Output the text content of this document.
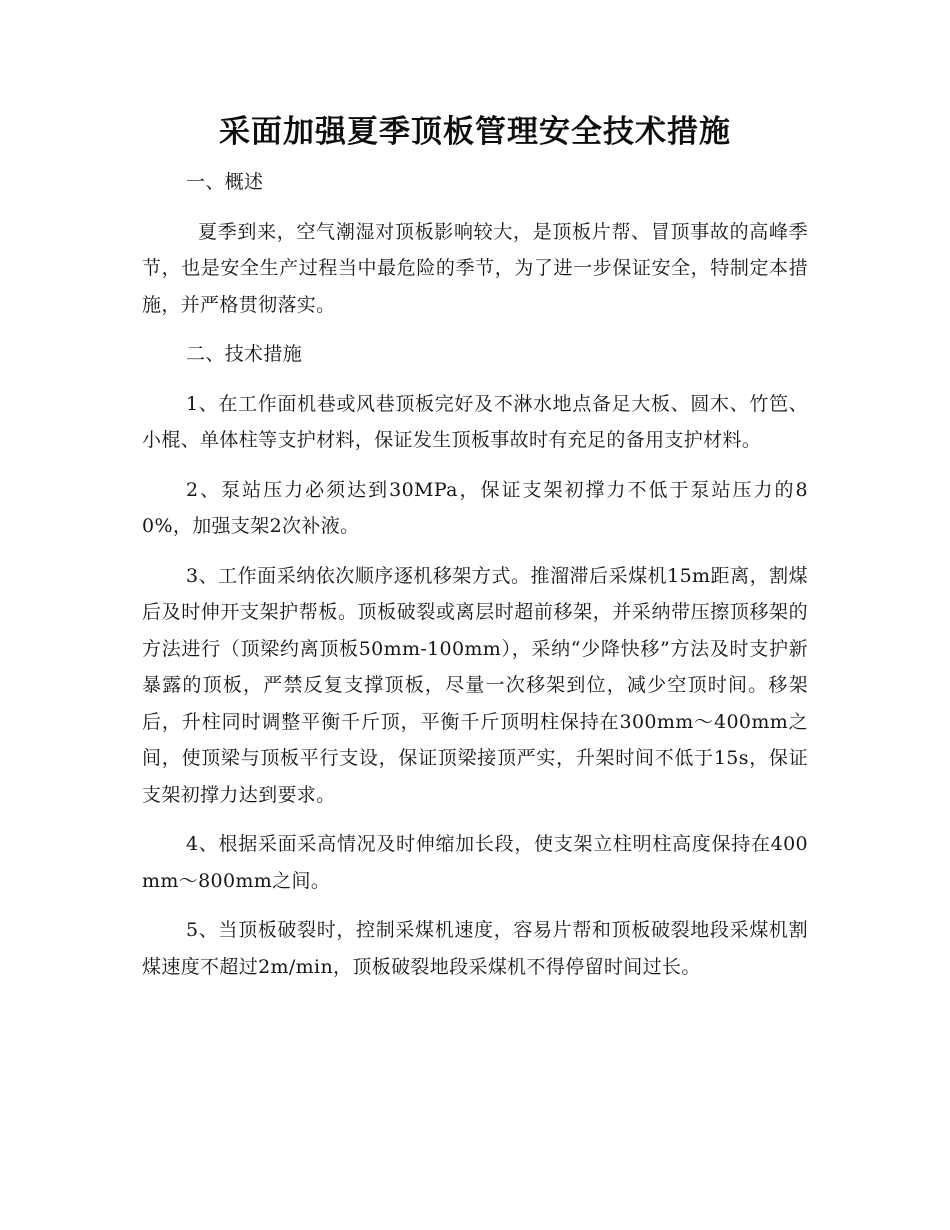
采面加强夏季顶板管理安全技术措施
一、概述
夏季到来，空气潮湿对顶板影响较大，是顶板片帮、冒顶事故的高峰季节，也是安全生产过程当中最危险的季节，为了进一步保证安全，特制定本措施，并严格贯彻落实。
二、技术措施
1、在工作面机巷或风巷顶板完好及不淋水地点备足大板、圆木、竹笆、小棍、单体柱等支护材料，保证发生顶板事故时有充足的备用支护材料。
2、泵站压力必须达到30MPa，保证支架初撑力不低于泵站压力的80%，加强支架2次补液。
3、工作面采纳依次顺序逐机移架方式。推溜滞后采煤机15m距离，割煤后及时伸开支架护帮板。顶板破裂或离层时超前移架，并采纳带压擦顶移架的方法进行（顶梁约离顶板50mm-100mm），采纳“少降快移”方法及时支护新暴露的顶板，严禁反复支撑顶板，尽量一次移架到位，减少空顶时间。移架后，升柱同时调整平衡千斤顶，平衡千斤顶明柱保持在300mm～400mm之间，使顶梁与顶板平行支设，保证顶梁接顶严实，升架时间不低于15s，保证支架初撑力达到要求。
4、根据采面采高情况及时伸缩加长段，使支架立柱明柱高度保持在400mm～800mm之间。
5、当顶板破裂时，控制采煤机速度，容易片帮和顶板破裂地段采煤机割煤速度不超过2m/min，顶板破裂地段采煤机不得停留时间过长。
